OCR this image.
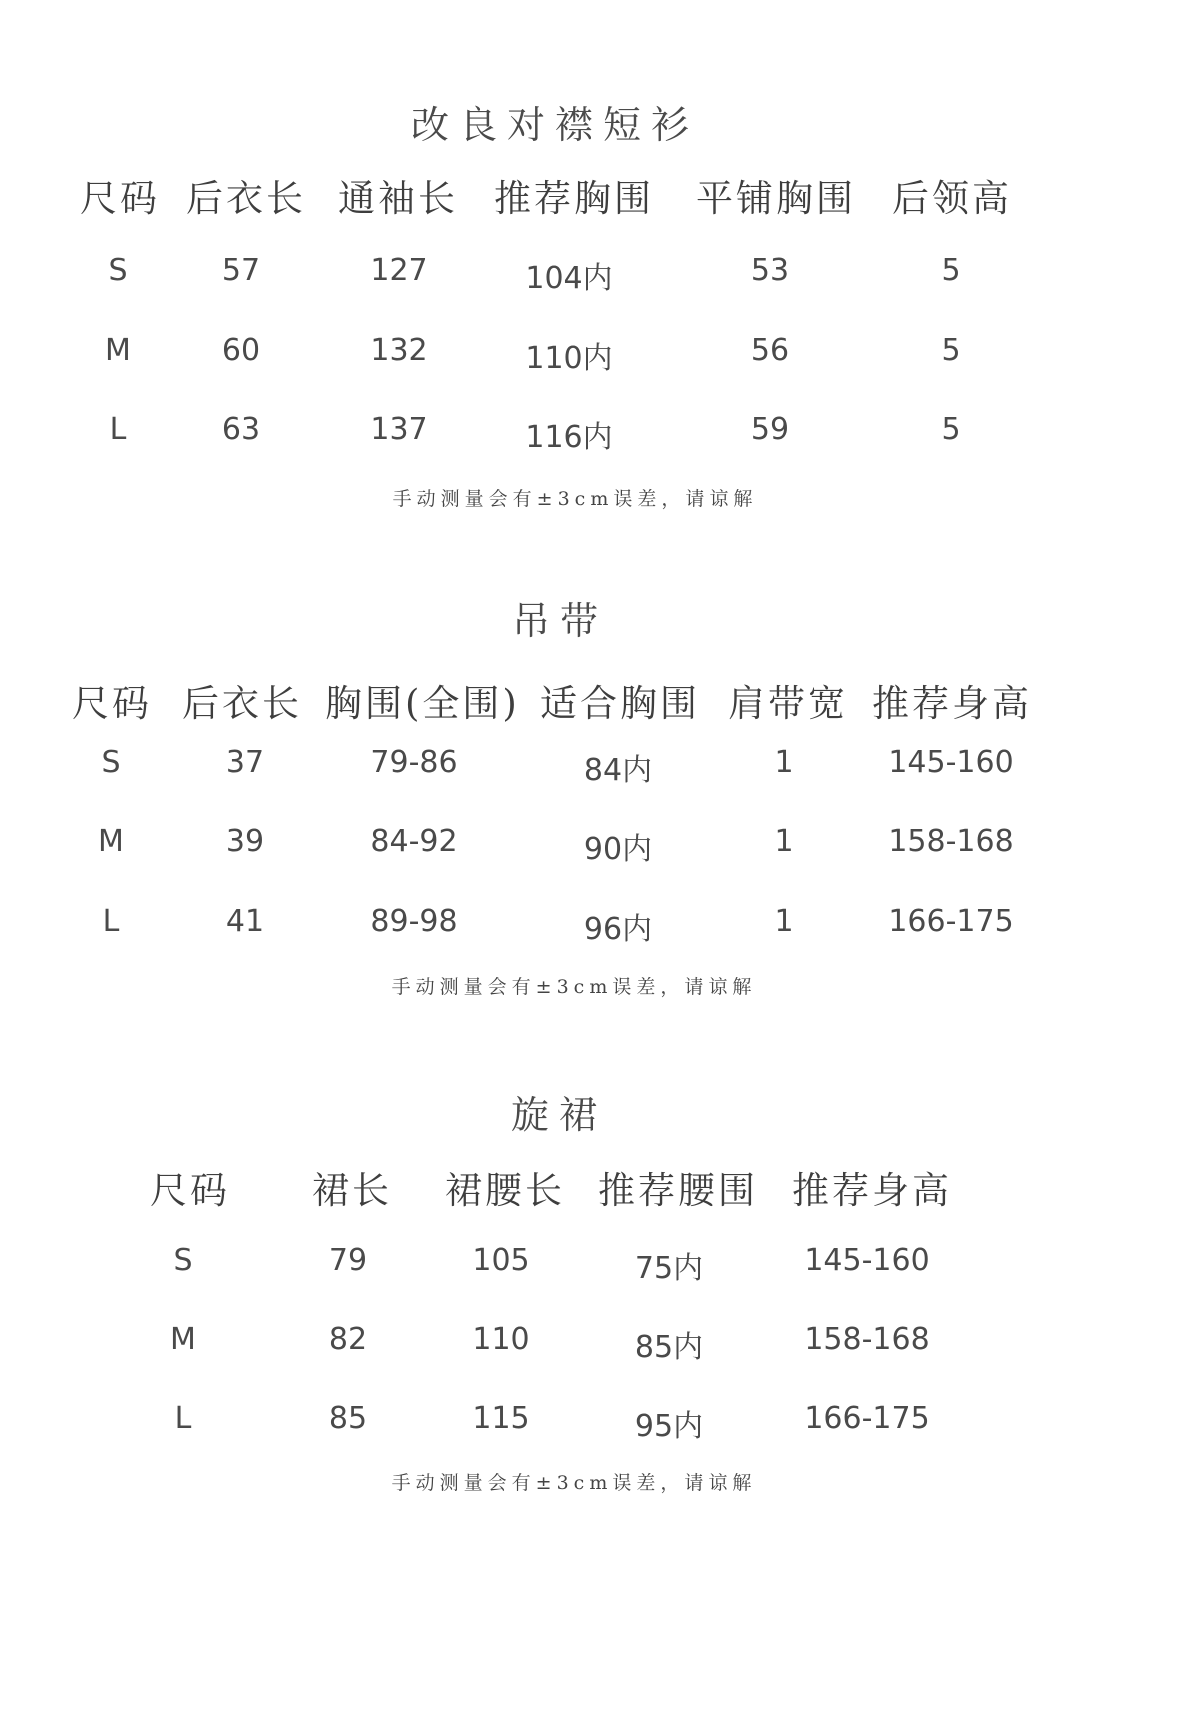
改良对襟短衫
尺码 后衣长 通袖长 推荐胸围 平铺胸围 后领高
S	57	127	104内	53	5
M	60	132	110内	56	5
L	63	137	116内	59	5
手动测量会有±3cm误差，请谅解
吊带
尺码 后衣长 胸围(全围) 适合胸围 肩带宽 推荐身高
S	37	79-86	84内	1	145-160
M	39	84-92	90内	1	158-168
L	41	89-98	96内	1	166-175
手动测量会有±3cm误差，请谅解
旋裙
尺码 裙长 裙腰长 推荐腰围 推荐身高
S	79	105	75内	145-160
M	82	110	85内	158-168
L	85	115	95内	166-175
手动测量会有±3cm误差，请谅解
